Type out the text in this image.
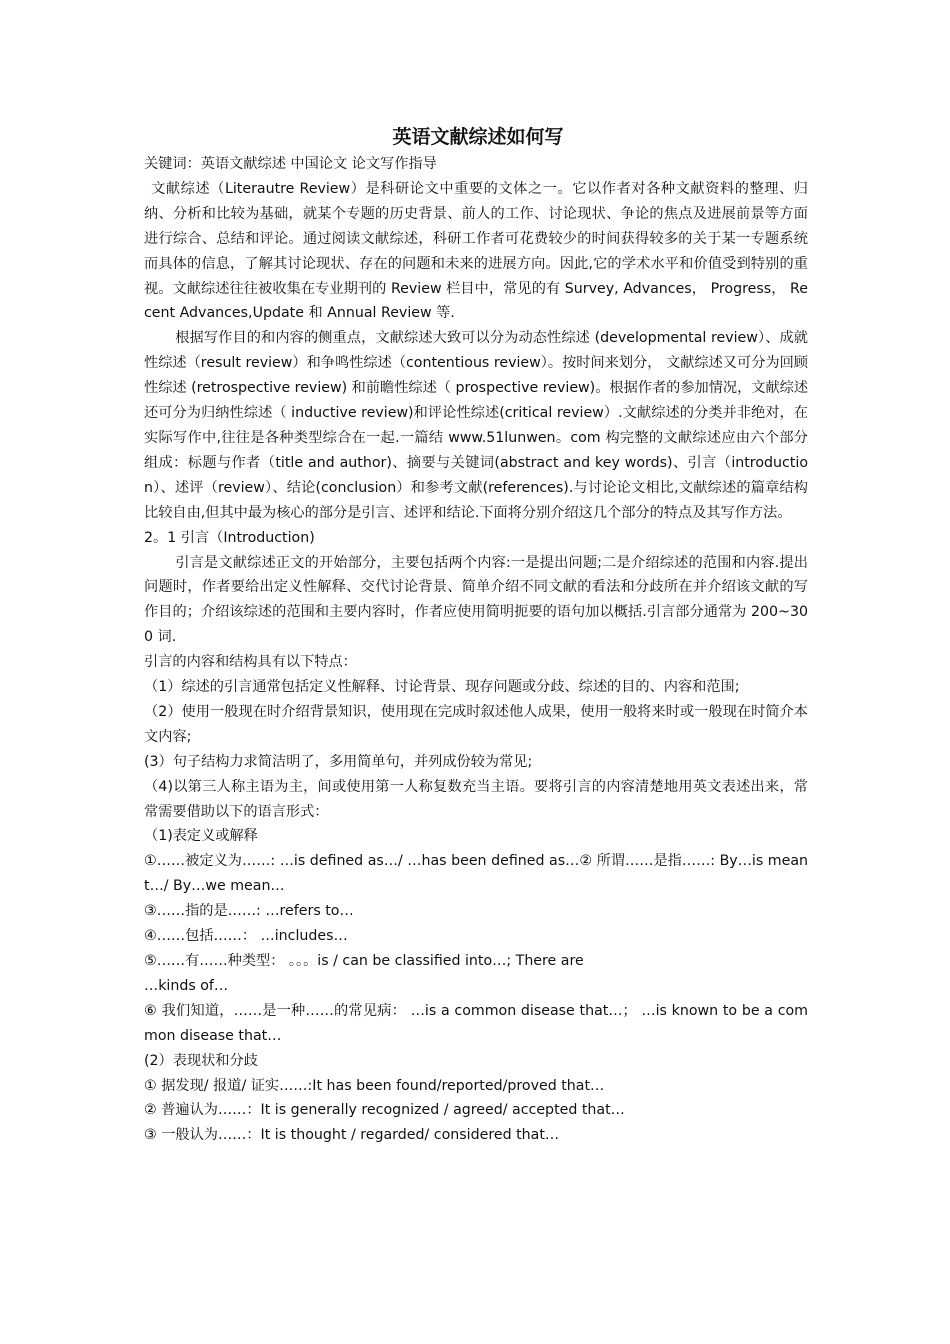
英语文献综述如何写

关键词：英语文献综述 中国论文 论文写作指导

文献综述（Literautre Review）是科研论文中重要的文体之一。它以作者对各种文献资料的整理、归纳、分析和比较为基础，就某个专题的历史背景、前人的工作、讨论现状、争论的焦点及进展前景等方面进行综合、总结和评论。通过阅读文献综述，科研工作者可花费较少的时间获得较多的关于某一专题系统而具体的信息，了解其讨论现状、存在的问题和未来的进展方向。因此,它的学术水平和价值受到特别的重视。文献综述往往被收集在专业期刊的 Review 栏目中，常见的有 Survey, Advances， Progress， Recent Advances,Update 和 Annual Review 等.

根据写作目的和内容的侧重点，文献综述大致可以分为动态性综述 (developmental review）、成就性综述（result review）和争鸣性综述（contentious review）。按时间来划分， 文献综述又可分为回顾性综述 (retrospective review) 和前瞻性综述（ prospective review)。根据作者的参加情况，文献综述还可分为归纳性综述（ inductive review)和评论性综述(critical review）.文献综述的分类并非绝对，在实际写作中,往往是各种类型综合在一起.一篇结 www.51lunwen。com 构完整的文献综述应由六个部分组成：标题与作者（title and author)、摘要与关键词(abstract and key words)、引言（introduction）、述评（review）、结论(conclusion）和参考文献(references).与讨论论文相比,文献综述的篇章结构比较自由,但其中最为核心的部分是引言、述评和结论.下面将分别介绍这几个部分的特点及其写作方法。

2。1 引言（Introduction)

引言是文献综述正文的开始部分，主要包括两个内容:一是提出问题;二是介绍综述的范围和内容.提出问题时，作者要给出定义性解释、交代讨论背景、简单介绍不同文献的看法和分歧所在并介绍该文献的写作目的；介绍该综述的范围和主要内容时，作者应使用简明扼要的语句加以概括.引言部分通常为 200~300 词.

引言的内容和结构具有以下特点：

（1）综述的引言通常包括定义性解释、讨论背景、现存问题或分歧、综述的目的、内容和范围;

（2）使用一般现在时介绍背景知识，使用现在完成时叙述他人成果，使用一般将来时或一般现在时简介本文内容;

(3）句子结构力求简洁明了，多用简单句，并列成份较为常见;

（4)以第三人称主语为主，间或使用第一人称复数充当主语。要将引言的内容清楚地用英文表述出来，常常需要借助以下的语言形式：

（1)表定义或解释

①……被定义为……: …is defined as…/ …has been defined as…② 所谓……是指……: By…is meant…/ By…we mean…

③……指的是……: …refers to…

④……包括……： …includes…

⑤……有……种类型： 。。。is / can be classified into…; There are

…kinds of…

⑥ 我们知道，……是一种……的常见病： …is a common disease that…； …is known to be a common disease that…

(2）表现状和分歧

① 据发现/ 报道/ 证实……:It has been found/reported/proved that…

② 普遍认为……：It is generally recognized / agreed/ accepted that…

③ 一般认为……：It is thought / regarded/ considered that…
